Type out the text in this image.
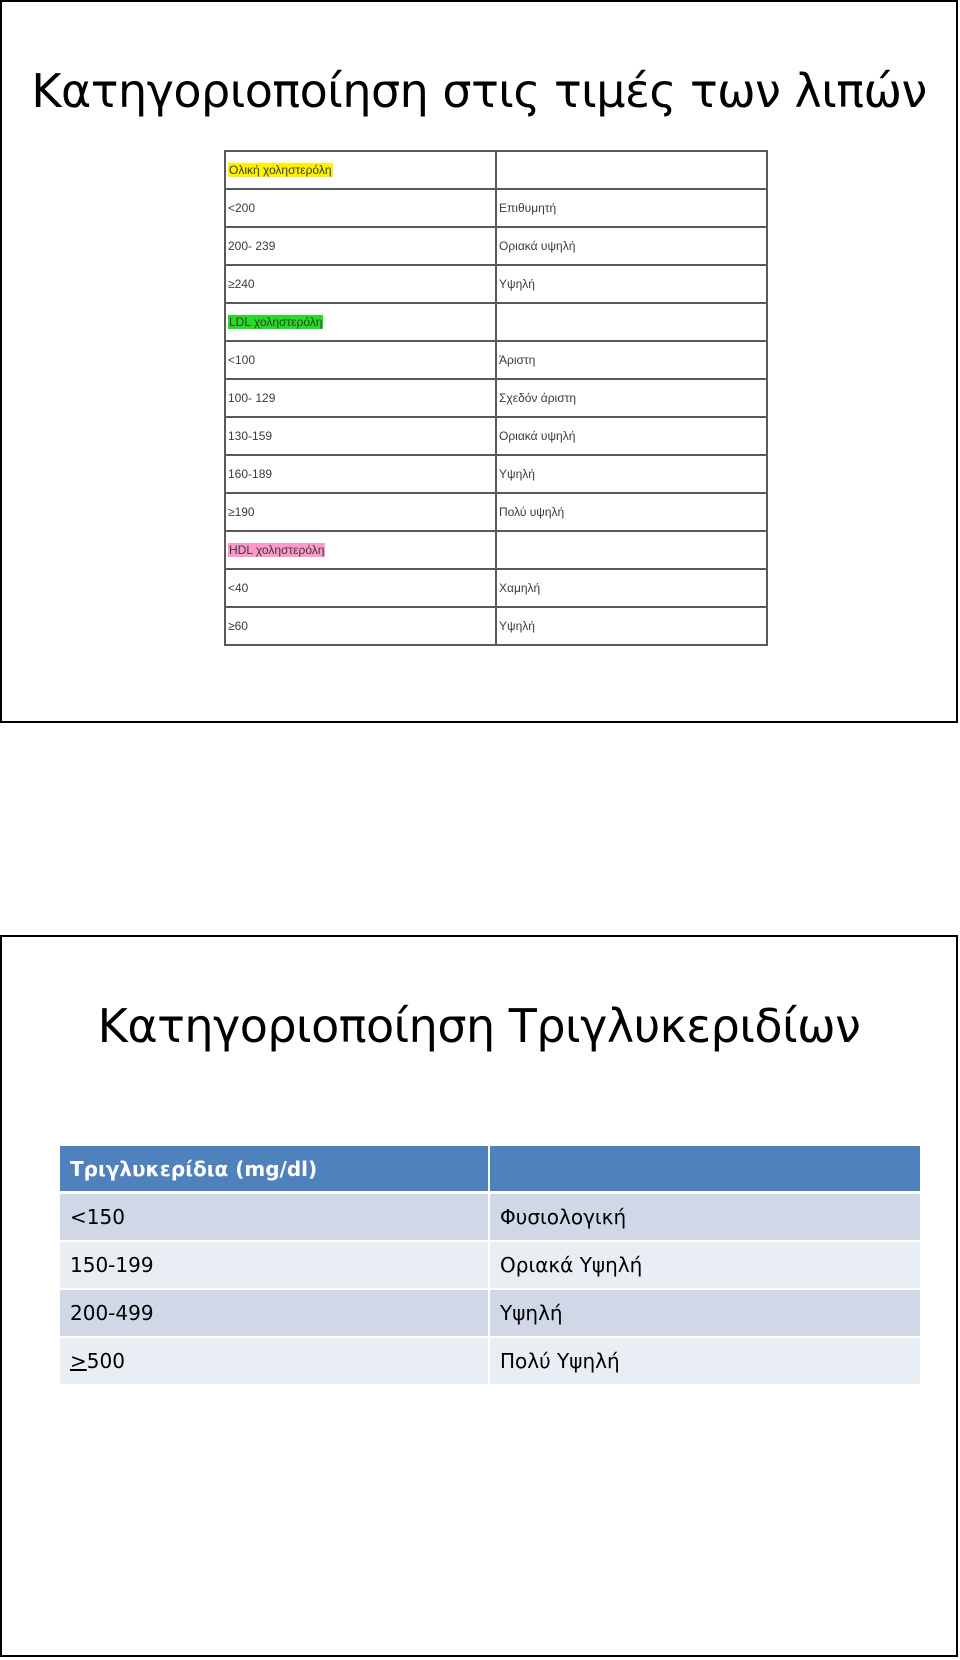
Κατηγοριοποίηση στις τιμές των λιπών
Ολική χοληστερόλη	
<200	Επιθυμητή
200- 239	Οριακά υψηλή
≥240	Υψηλή
LDL χοληστερόλη	
<100	Άριστη
100- 129	Σχεδόν άριστη
130-159	Οριακά υψηλή
160-189	Υψηλή
≥190	Πολύ υψηλή
HDL χοληστερόλη	
<40	Χαμηλή
≥60	Υψηλή
Κατηγοριοποίηση Τριγλυκεριδίων
Τριγλυκερίδια (mg/dl)	
<150	Φυσιολογική
150-199	Οριακά Υψηλή
200-499	Υψηλή
>500	Πολύ Υψηλή
